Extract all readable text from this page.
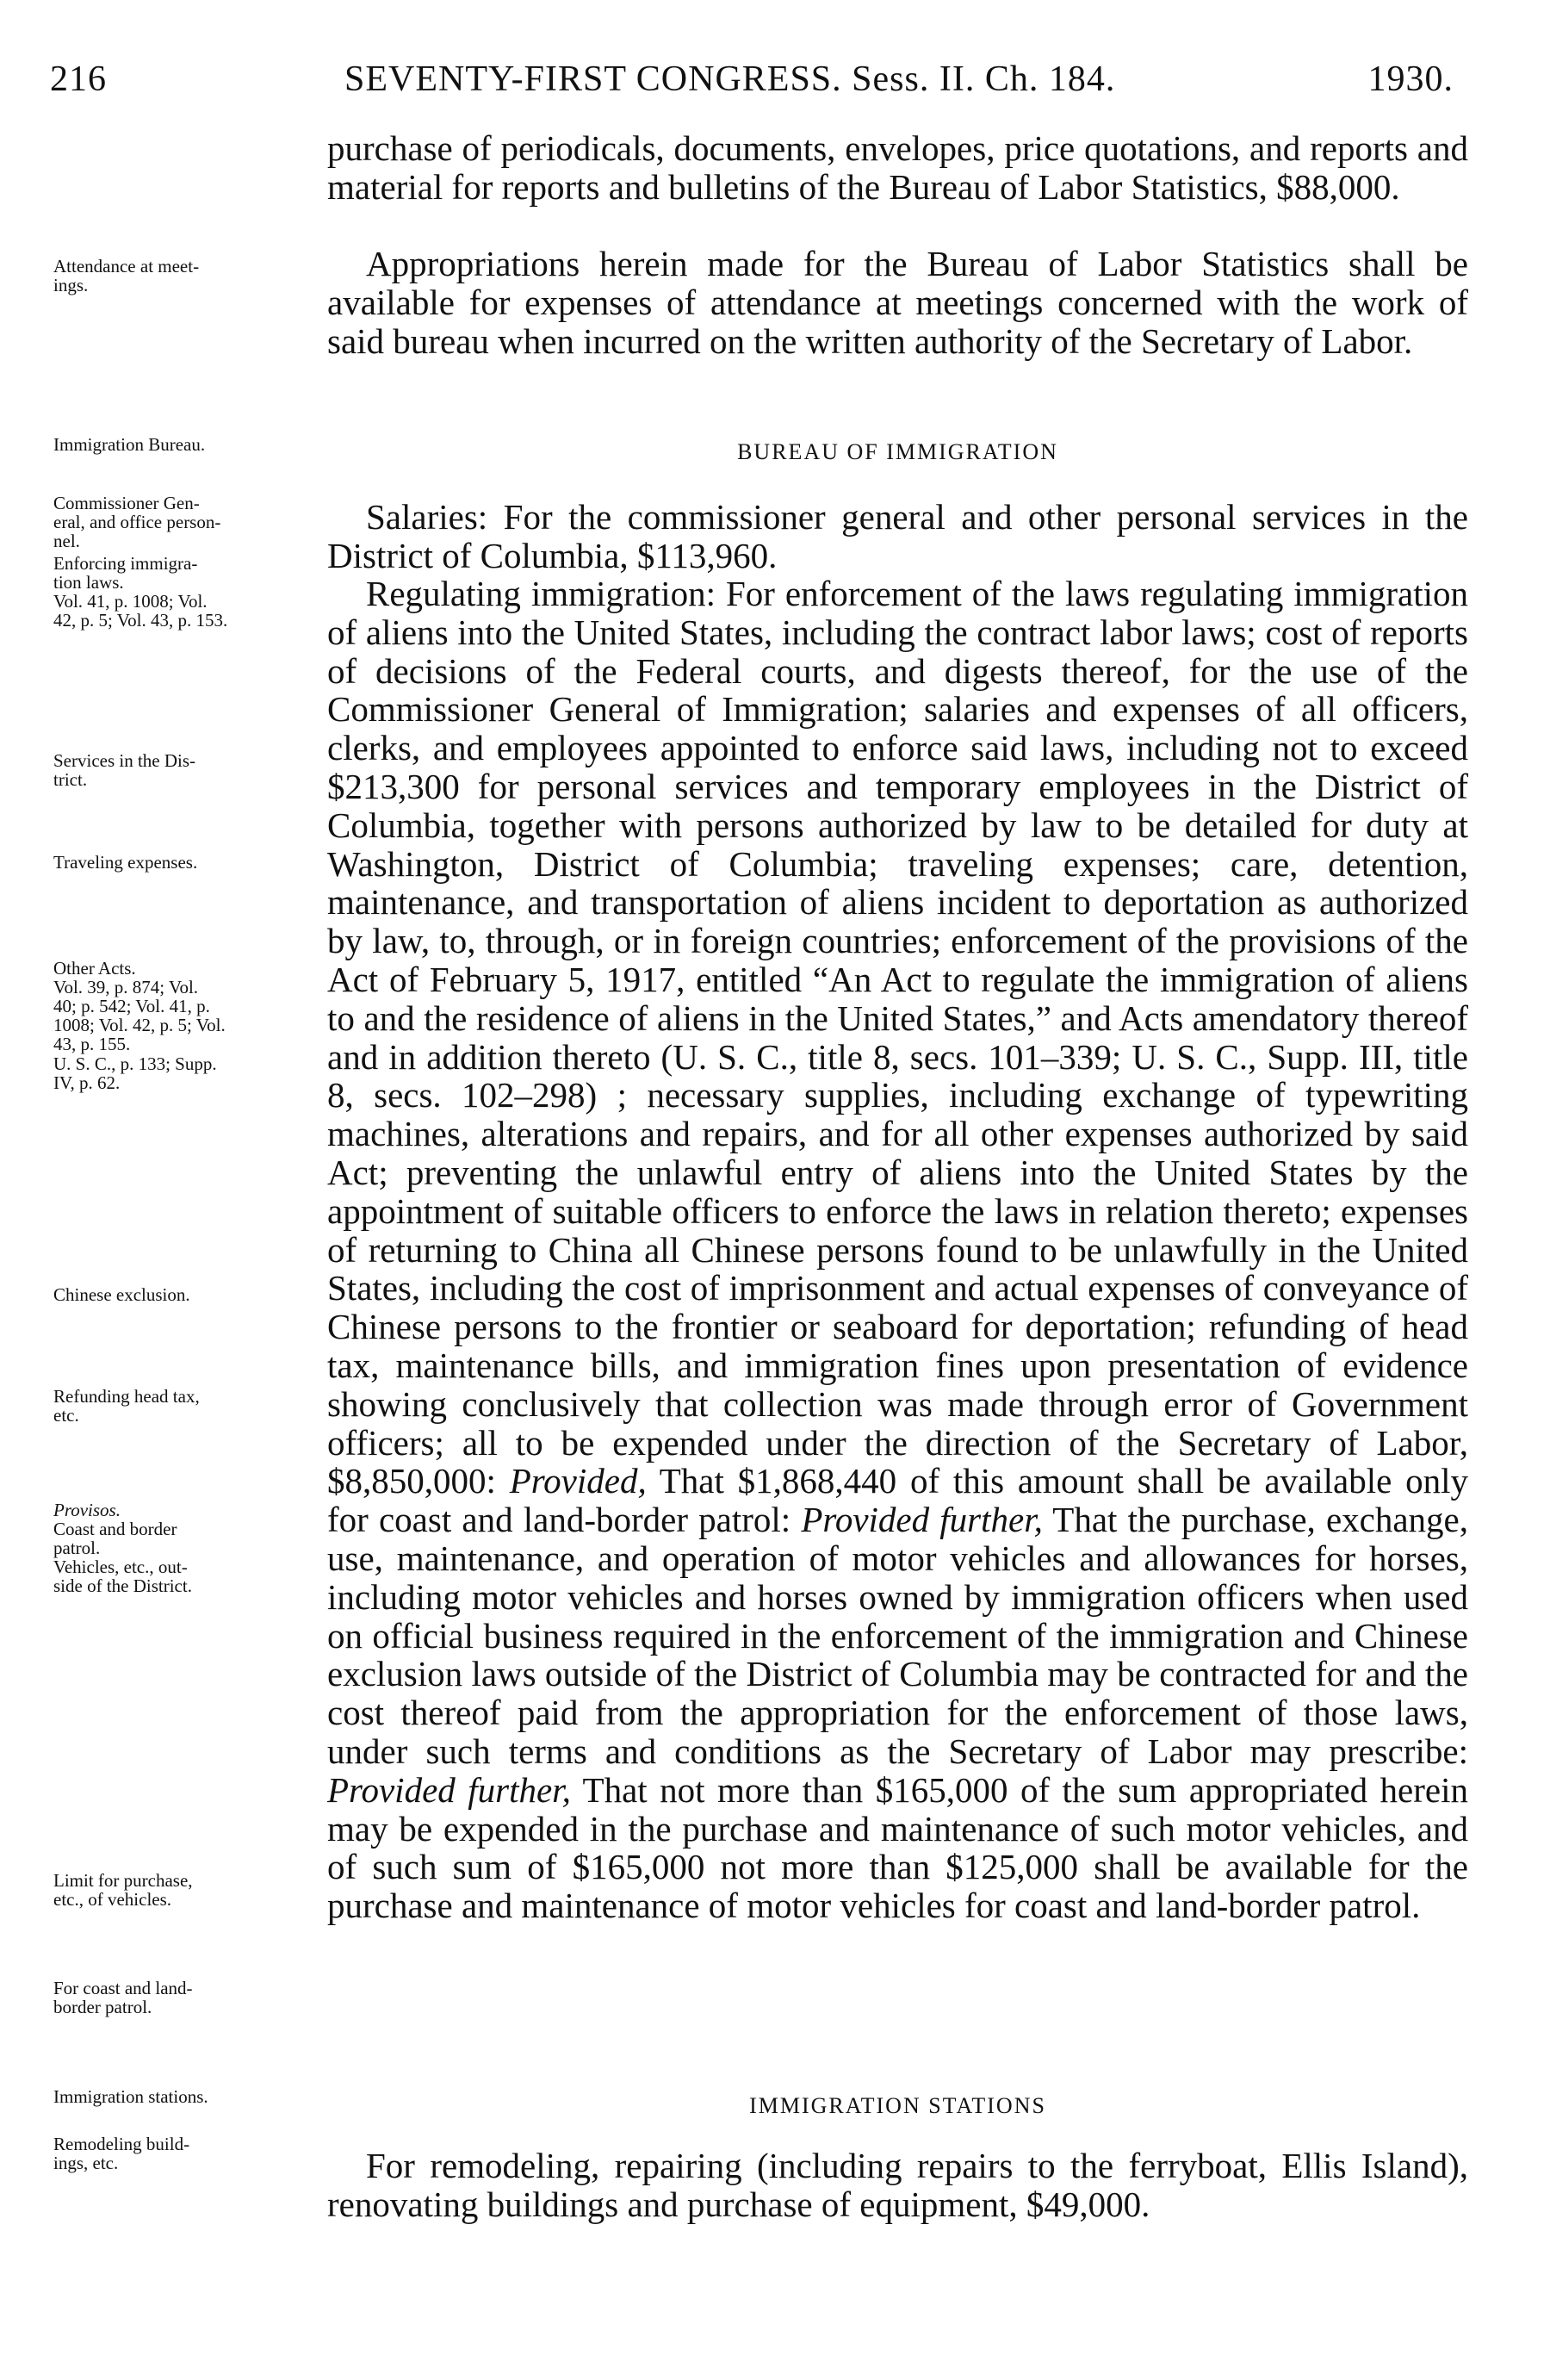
216	SEVENTY-FIRST CONGRESS. Sess. II. Ch. 184.	1930.
Attendance at meet-
ings.
Immigration Bureau.
Commissioner Gen-
eral, and office person-
nel.
Enforcing immigra-
tion laws.
Vol. 41, p. 1008; Vol.
42, p. 5; Vol. 43, p. 153.
Services in the Dis-
trict.
Traveling expenses.
Other Acts.
Vol. 39, p. 874; Vol.
40; p. 542; Vol. 41, p.
1008; Vol. 42, p. 5; Vol.
43, p. 155.
U. S. C., p. 133; Supp.
IV, p. 62.
Chinese exclusion.
Refunding head tax,
etc.
Provisos.
Coast and border
patrol.
Vehicles, etc., out-
side of the District.
Limit for purchase,
etc., of vehicles.
For coast and land-
border patrol.
Immigration stations.
Remodeling build-
ings, etc.

purchase of periodicals, documents, envelopes, price quotations, and reports and material for reports and bulletins of the Bureau of Labor Statistics, $88,000.

Appropriations herein made for the Bureau of Labor Statistics shall be available for expenses of attendance at meetings concerned with the work of said bureau when incurred on the written authority of the Secretary of Labor.

BUREAU OF IMMIGRATION

Salaries: For the commissioner general and other personal services in the District of Columbia, $113,960.

Regulating immigration: For enforcement of the laws regulating immigration of aliens into the United States, including the contract labor laws; cost of reports of decisions of the Federal courts, and digests thereof, for the use of the Commissioner General of Immigration; salaries and expenses of all officers, clerks, and employees appointed to enforce said laws, including not to exceed $213,300 for personal services and temporary employees in the District of Columbia, together with persons authorized by law to be detailed for duty at Washington, District of Columbia; traveling expenses; care, detention, maintenance, and transportation of aliens incident to deportation as authorized by law, to, through, or in foreign countries; enforcement of the provisions of the Act of February 5, 1917, entitled “An Act to regulate the immigration of aliens to and the residence of aliens in the United States,” and Acts amendatory thereof and in addition thereto (U. S. C., title 8, secs. 101–339; U. S. C., Supp. III, title 8, secs. 102–298) ; necessary supplies, including exchange of typewriting machines, alterations and repairs, and for all other expenses authorized by said Act; preventing the unlawful entry of aliens into the United States by the appointment of suitable officers to enforce the laws in relation thereto; expenses of returning to China all Chinese persons found to be unlawfully in the United States, including the cost of imprisonment and actual expenses of conveyance of Chinese persons to the frontier or seaboard for deportation; refunding of head tax, maintenance bills, and immigration fines upon presentation of evidence showing conclusively that collection was made through error of Government officers; all to be expended under the direction of the Secretary of Labor, $8,850,000: Provided, That $1,868,440 of this amount shall be available only for coast and land-border patrol: Provided further, That the purchase, exchange, use, maintenance, and operation of motor vehicles and allowances for horses, including motor vehicles and horses owned by immigration officers when used on official business required in the enforcement of the immigration and Chinese exclusion laws outside of the District of Columbia may be contracted for and the cost thereof paid from the appropriation for the enforcement of those laws, under such terms and conditions as the Secretary of Labor may prescribe: Provided further, That not more than $165,000 of the sum appropriated herein may be expended in the purchase and maintenance of such motor vehicles, and of such sum of $165,000 not more than $125,000 shall be available for the purchase and maintenance of motor vehicles for coast and land-border patrol.

IMMIGRATION STATIONS

For remodeling, repairing (including repairs to the ferryboat, Ellis Island), renovating buildings and purchase of equipment, $49,000.
